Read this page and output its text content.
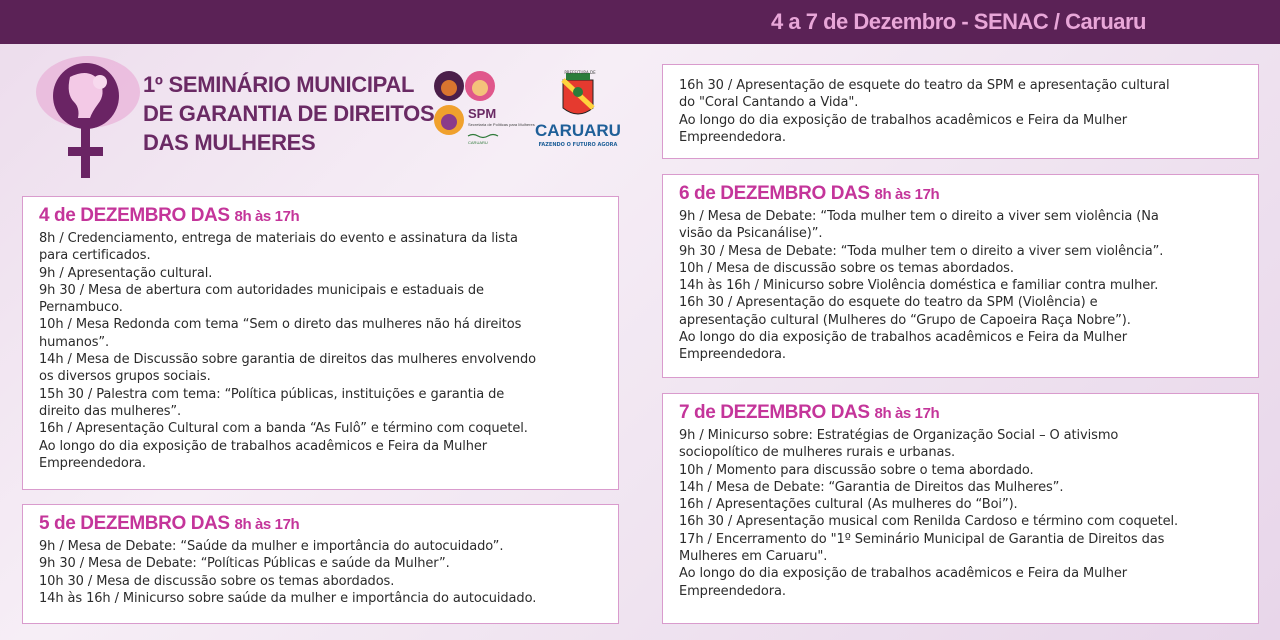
4 a 7 de Dezembro - SENAC / Caruaru
1º SEMINÁRIO MUNICIPAL
DE GARANTIA DE DIREITOS
DAS MULHERES
SPM
Secretaria de Políticas para Mulheres
CARUARU
PREFEITURA DE
CARUARU
FAZENDO O FUTURO AGORA
4 de DEZEMBRO DAS 8h às 17h
8h / Credenciamento, entrega de materiais do evento e assinatura da lista
para certificados.
9h / Apresentação cultural.
9h 30 / Mesa de abertura com autoridades municipais e estaduais de
Pernambuco.
10h / Mesa Redonda com tema “Sem o direto das mulheres não há direitos
humanos”.
14h / Mesa de Discussão sobre garantia de direitos das mulheres envolvendo
os diversos grupos sociais.
15h 30 / Palestra com tema: “Política públicas, instituições e garantia de
direito das mulheres”.
16h / Apresentação Cultural com a banda “As Fulô” e término com coquetel.
Ao longo do dia exposição de trabalhos acadêmicos e Feira da Mulher
Empreendedora.
5 de DEZEMBRO DAS 8h às 17h
9h / Mesa de Debate: “Saúde da mulher e importância do autocuidado”.
9h 30 / Mesa de Debate: “Políticas Públicas e saúde da Mulher”.
10h 30 / Mesa de discussão sobre os temas abordados.
14h às 16h / Minicurso sobre saúde da mulher e importância do autocuidado.
16h 30 / Apresentação de esquete do teatro da SPM e apresentação cultural
do "Coral Cantando a Vida".
Ao longo do dia exposição de trabalhos acadêmicos e Feira da Mulher
Empreendedora.
6 de DEZEMBRO DAS 8h às 17h
9h / Mesa de Debate: “Toda mulher tem o direito a viver sem violência (Na
visão da Psicanálise)”.
9h 30 / Mesa de Debate: “Toda mulher tem o direito a viver sem violência”.
10h / Mesa de discussão sobre os temas abordados.
14h às 16h / Minicurso sobre Violência doméstica e familiar contra mulher.
16h 30 / Apresentação do esquete do teatro da SPM (Violência) e
apresentação cultural (Mulheres do “Grupo de Capoeira Raça Nobre”).
Ao longo do dia exposição de trabalhos acadêmicos e Feira da Mulher
Empreendedora.
7 de DEZEMBRO DAS 8h às 17h
9h / Minicurso sobre: Estratégias de Organização Social – O ativismo
sociopolítico de mulheres rurais e urbanas.
10h / Momento para discussão sobre o tema abordado.
14h / Mesa de Debate: “Garantia de Direitos das Mulheres”.
16h / Apresentações cultural (As mulheres do “Boi”).
16h 30 / Apresentação musical com Renilda Cardoso e término com coquetel.
17h / Encerramento do "1º Seminário Municipal de Garantia de Direitos das
Mulheres em Caruaru".
Ao longo do dia exposição de trabalhos acadêmicos e Feira da Mulher
Empreendedora.
